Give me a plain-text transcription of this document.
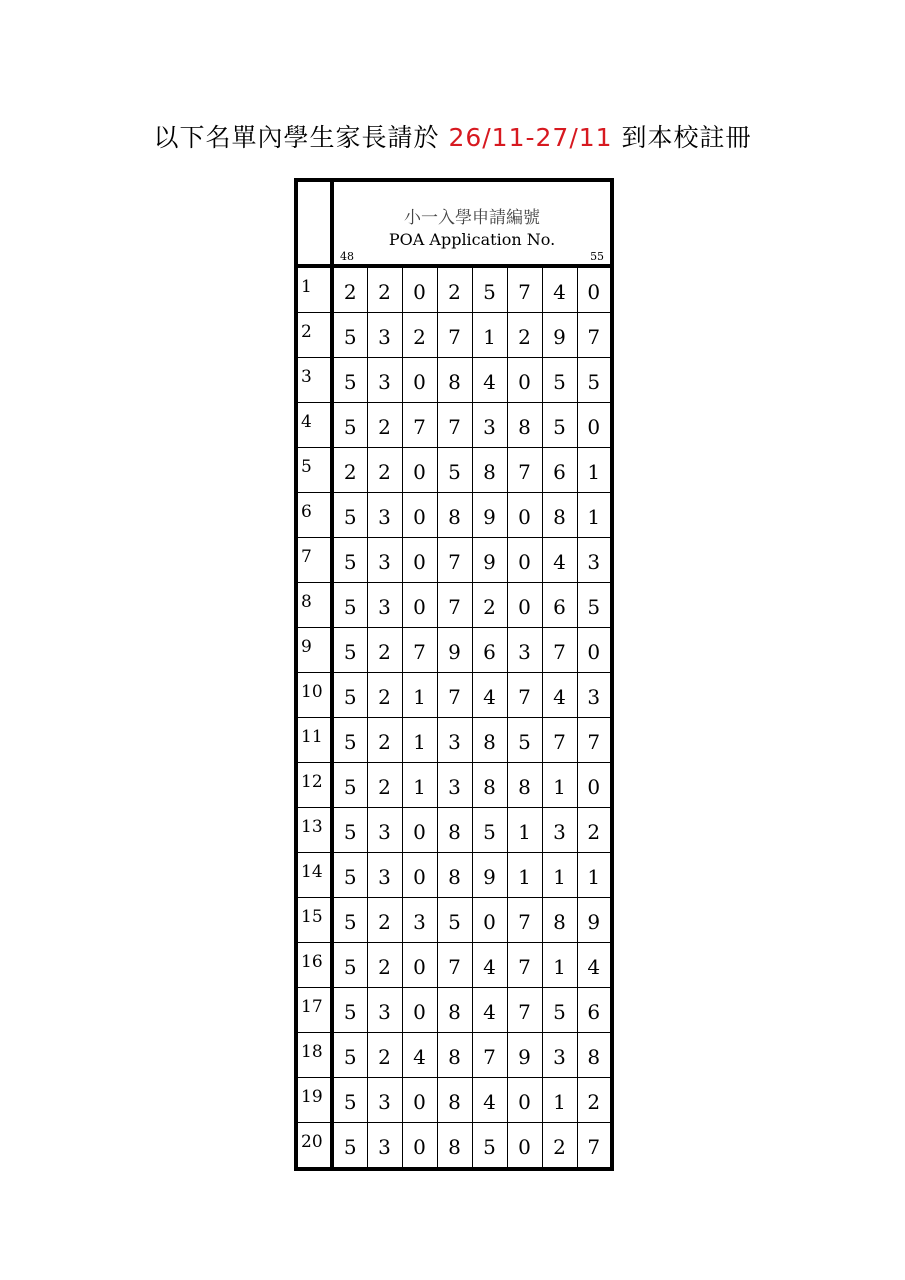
以下名單內學生家長請於 26/11-27/11 到本校註冊

	小一入學申請編號
POA Application No.
48 55							

1	2	2	0	2	5	7	4	0
2	5	3	2	7	1	2	9	7
3	5	3	0	8	4	0	5	5
4	5	2	7	7	3	8	5	0
5	2	2	0	5	8	7	6	1
6	5	3	0	8	9	0	8	1
7	5	3	0	7	9	0	4	3
8	5	3	0	7	2	0	6	5
9	5	2	7	9	6	3	7	0
10	5	2	1	7	4	7	4	3
11	5	2	1	3	8	5	7	7
12	5	2	1	3	8	8	1	0
13	5	3	0	8	5	1	3	2
14	5	3	0	8	9	1	1	1
15	5	2	3	5	0	7	8	9
16	5	2	0	7	4	7	1	4
17	5	3	0	8	4	7	5	6
18	5	2	4	8	7	9	3	8
19	5	3	0	8	4	0	1	2
20	5	3	0	8	5	0	2	7
